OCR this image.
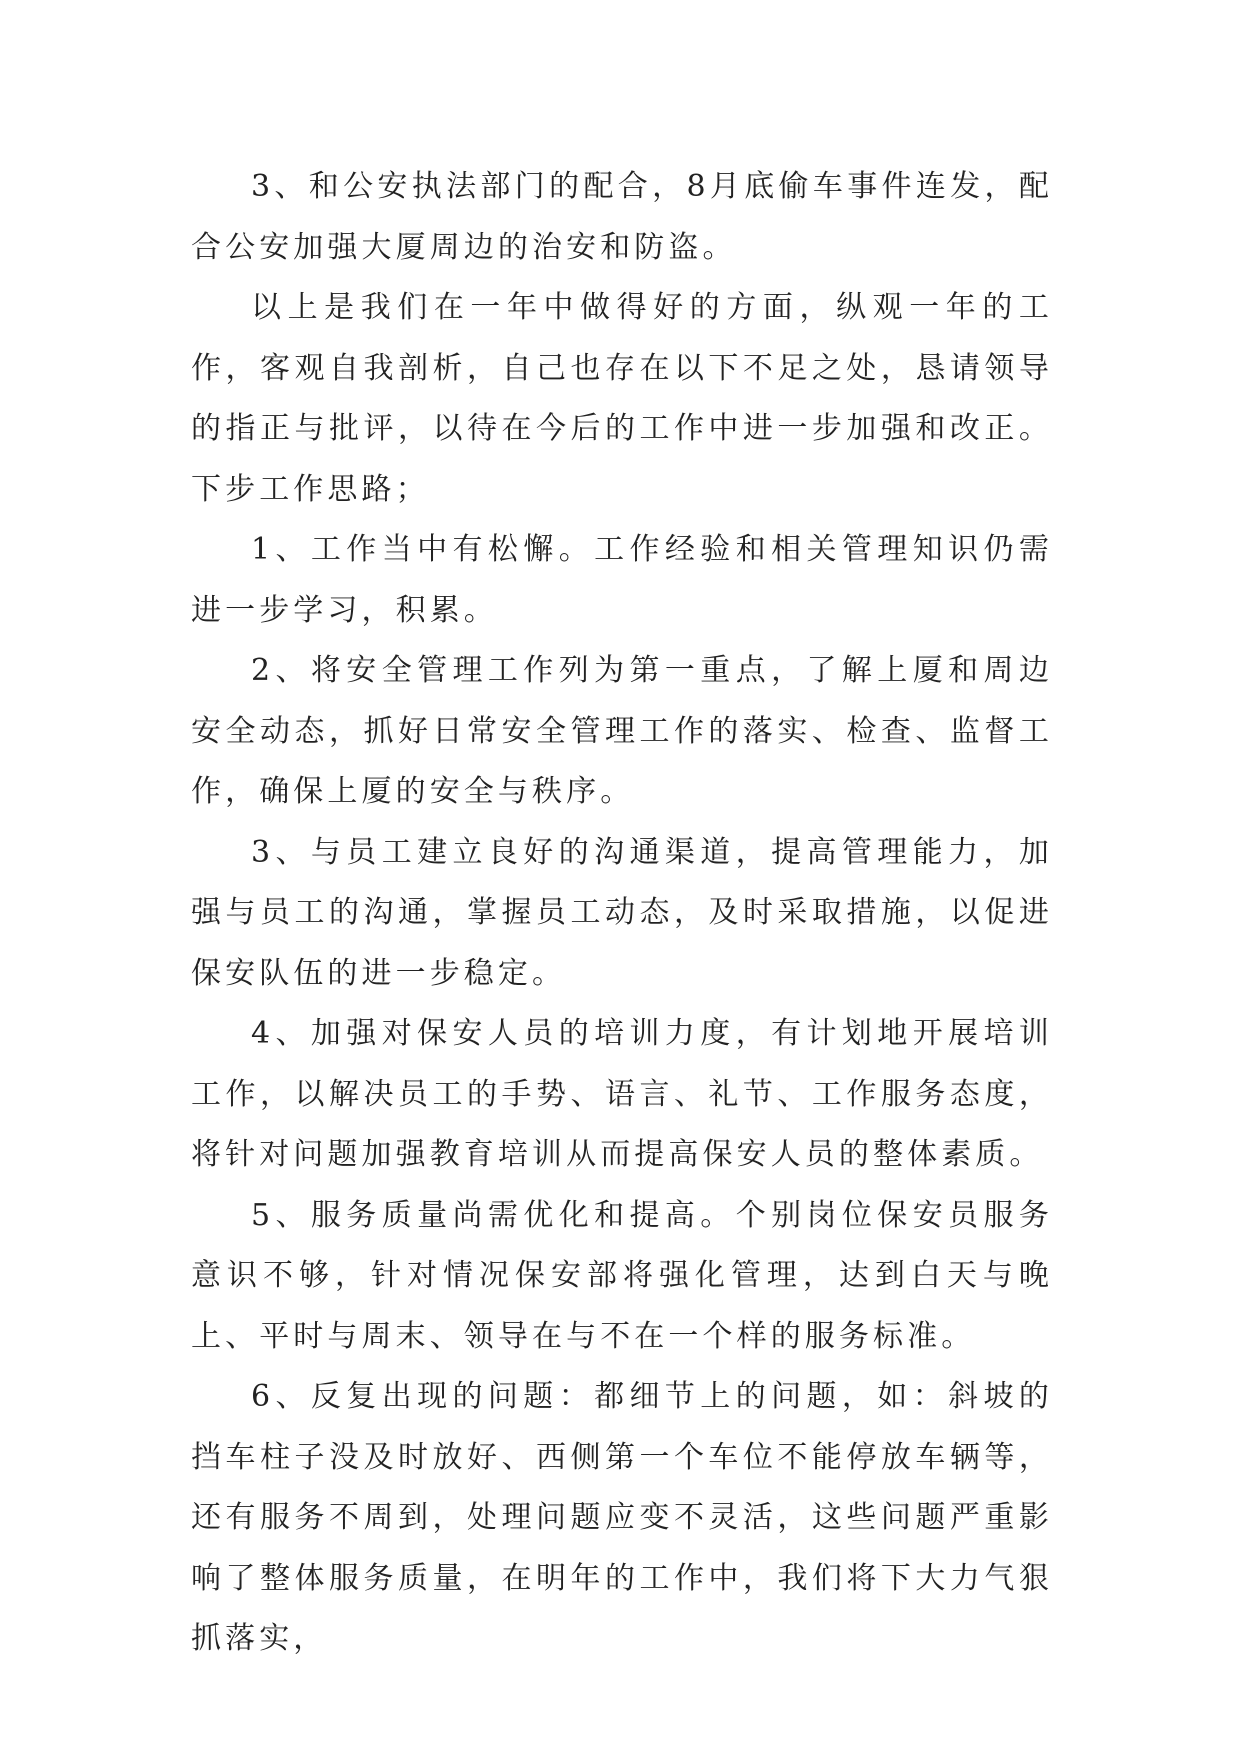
3、和公安执法部门的配合，8月底偷车事件连发，配合公安加强大厦周边的治安和防盗。

以上是我们在一年中做得好的方面，纵观一年的工作，客观自我剖析，自己也存在以下不足之处，恳请领导的指正与批评，以待在今后的工作中进一步加强和改正。下步工作思路；

1、工作当中有松懈。工作经验和相关管理知识仍需进一步学习，积累。

2、将安全管理工作列为第一重点，了解上厦和周边安全动态，抓好日常安全管理工作的落实、检查、监督工作，确保上厦的安全与秩序。

3、与员工建立良好的沟通渠道，提高管理能力，加强与员工的沟通，掌握员工动态，及时采取措施，以促进保安队伍的进一步稳定。

4、加强对保安人员的培训力度，有计划地开展培训工作，以解决员工的手势、语言、礼节、工作服务态度，将针对问题加强教育培训从而提高保安人员的整体素质。

5、服务质量尚需优化和提高。个别岗位保安员服务意识不够，针对情况保安部将强化管理，达到白天与晚上、平时与周末、领导在与不在一个样的服务标准。

6、反复出现的问题：都细节上的问题，如：斜坡的挡车柱子没及时放好、西侧第一个车位不能停放车辆等，还有服务不周到，处理问题应变不灵活，这些问题严重影响了整体服务质量，在明年的工作中，我们将下大力气狠抓落实，
